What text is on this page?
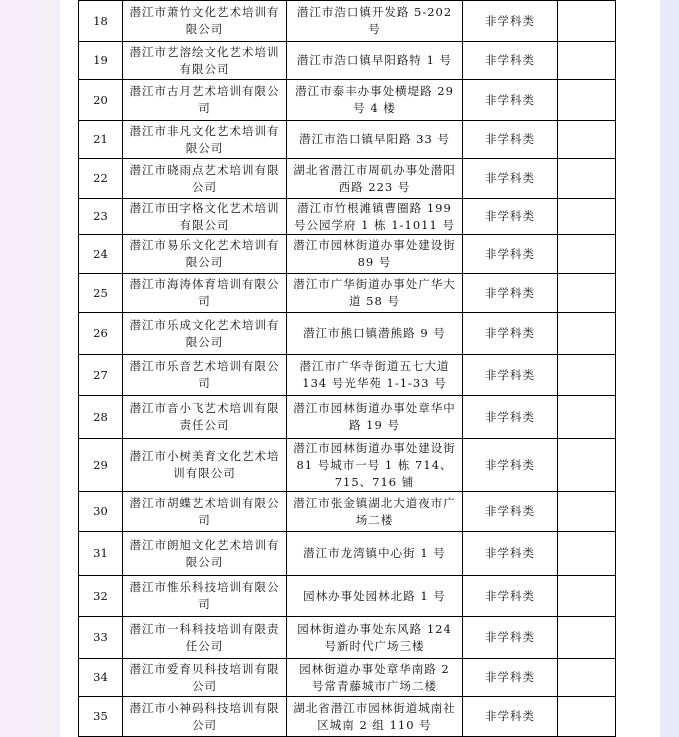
18	潜江市萧竹文化艺术培训有限公司	潜江市浩口镇开发路 5-202 号	非学科类	
19	潜江市艺溶绘文化艺术培训有限公司	潜江市浩口镇早阳路特 1 号	非学科类	
20	潜江市古月艺术培训有限公司	潜江市泰丰办事处横堤路 29 号 4 楼	非学科类	
21	潜江市非凡文化艺术培训有限公司	潜江市浩口镇早阳路 33 号	非学科类	
22	潜江市晓雨点艺术培训有限公司	湖北省潜江市周矶办事处潜阳西路 223 号	非学科类	
23	潜江市田字格文化艺术培训有限公司	潜江市竹根滩镇曹圈路 199 号公园学府 1 栋 1-1011 号	非学科类	
24	潜江市易乐文化艺术培训有限公司	潜江市园林街道办事处建设街 89 号	非学科类	
25	潜江市海涛体育培训有限公司	潜江市广华街道办事处广华大道 58 号	非学科类	
26	潜江市乐成文化艺术培训有限公司	潜江市熊口镇潜熊路 9 号	非学科类	
27	潜江市乐音艺术培训有限公司	潜江市广华寺街道五七大道 134 号光华苑 1-1-33 号	非学科类	
28	潜江市音小飞艺术培训有限责任公司	潜江市园林街道办事处章华中路 19 号	非学科类	
29	潜江市小树美育文化艺术培训有限公司	潜江市园林街道办事处建设街 81 号城市一号 1 栋 714、715、716 铺	非学科类	
30	潜江市胡蝶艺术培训有限公司	潜江市张金镇湖北大道夜市广场二楼	非学科类	
31	潜江市朗旭文化艺术培训有限公司	潜江市龙湾镇中心街 1 号	非学科类	
32	潜江市惟乐科技培训有限公司	园林办事处园林北路 1 号	非学科类	
33	潜江市一科科技培训有限责任公司	园林街道办事处东风路 124 号新时代广场三楼	非学科类	
34	潜江市爱育贝科技培训有限公司	园林街道办事处章华南路 2 号常青藤城市广场二楼	非学科类	
35	潜江市小神码科技培训有限公司	湖北省潜江市园林街道城南社区城南 2 组 110 号	非学科类	
